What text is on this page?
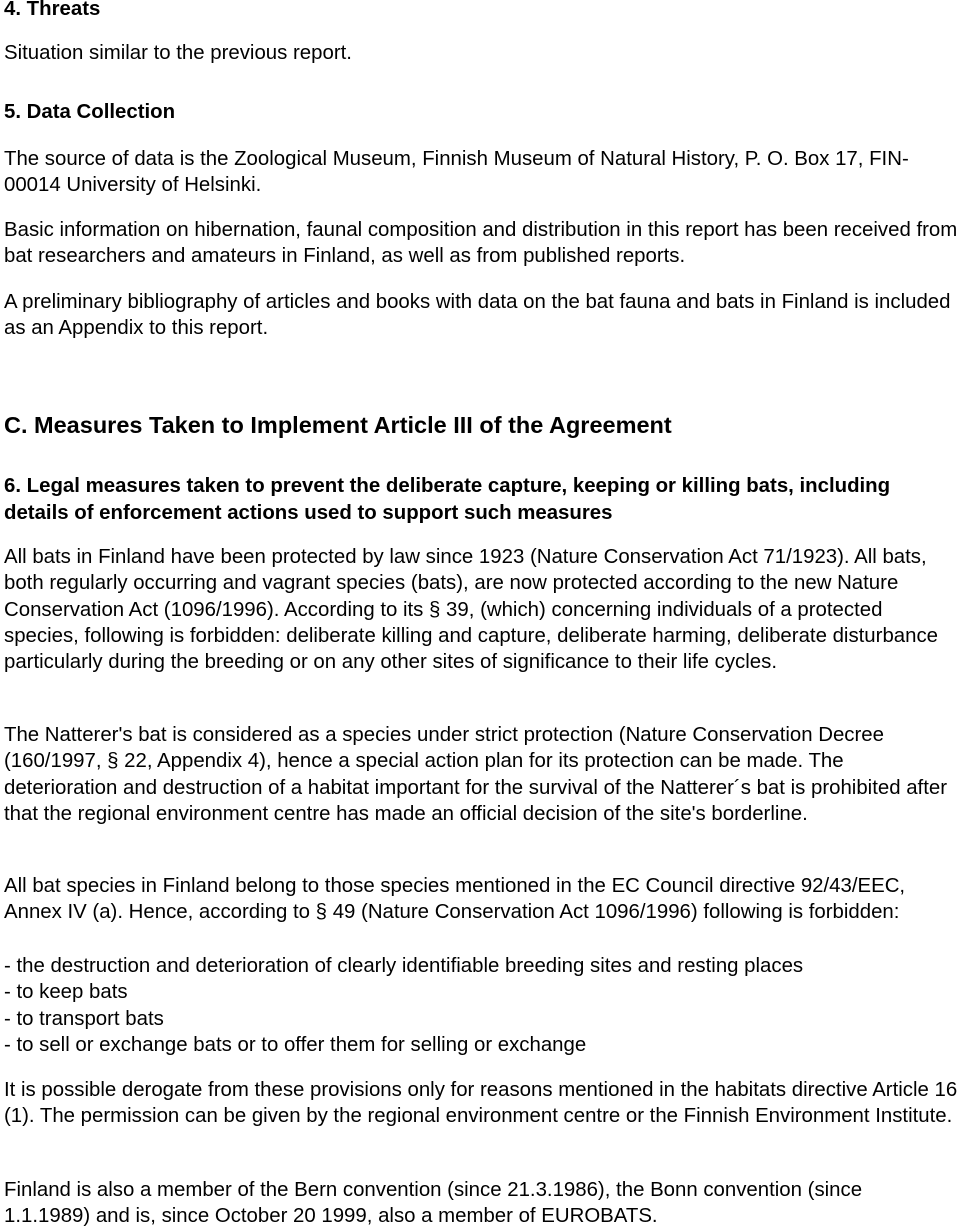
4. Threats

Situation similar to the previous report.

5. Data Collection

The source of data is the Zoological Museum, Finnish Museum of Natural History, P. O. Box 17, FIN-00014 University of Helsinki.

Basic information on hibernation, faunal composition and distribution in this report has been received from bat researchers and amateurs in Finland, as well as from published reports.

A preliminary bibliography of articles and books with data on the bat fauna and bats in Finland is included as an Appendix to this report.

C. Measures Taken to Implement Article III of the Agreement
6. Legal measures taken to prevent the deliberate capture, keeping or killing bats, including details of enforcement actions used to support such measures

All bats in Finland have been protected by law since 1923 (Nature Conservation Act 71/1923). All bats, both regularly occurring and vagrant species (bats), are now protected according to the new Nature Conservation Act (1096/1996). According to its § 39, (which) concerning individuals of a protected species, following is forbidden: deliberate killing and capture, deliberate harming, deliberate disturbance particularly during the breeding or on any other sites of significance to their life cycles.

The Natterer's bat is considered as a species under strict protection (Nature Conservation Decree (160/1997, § 22, Appendix 4), hence a special action plan for its protection can be made. The deterioration and destruction of a habitat important for the survival of the Natterer´s bat is prohibited after that the regional environment centre has made an official decision of the site's borderline.

All bat species in Finland belong to those species mentioned in the EC Council directive 92/43/EEC, Annex IV (a). Hence, according to § 49 (Nature Conservation Act 1096/1996) following is forbidden:

- the destruction and deterioration of clearly identifiable breeding sites and resting places
- to keep bats
- to transport bats
- to sell or exchange bats or to offer them for selling or exchange

It is possible derogate from these provisions only for reasons mentioned in the habitats directive Article 16 (1). The permission can be given by the regional environment centre or the Finnish Environment Institute.

Finland is also a member of the Bern convention (since 21.3.1986), the Bonn convention (since 1.1.1989) and is, since October 20 1999, also a member of EUROBATS.
